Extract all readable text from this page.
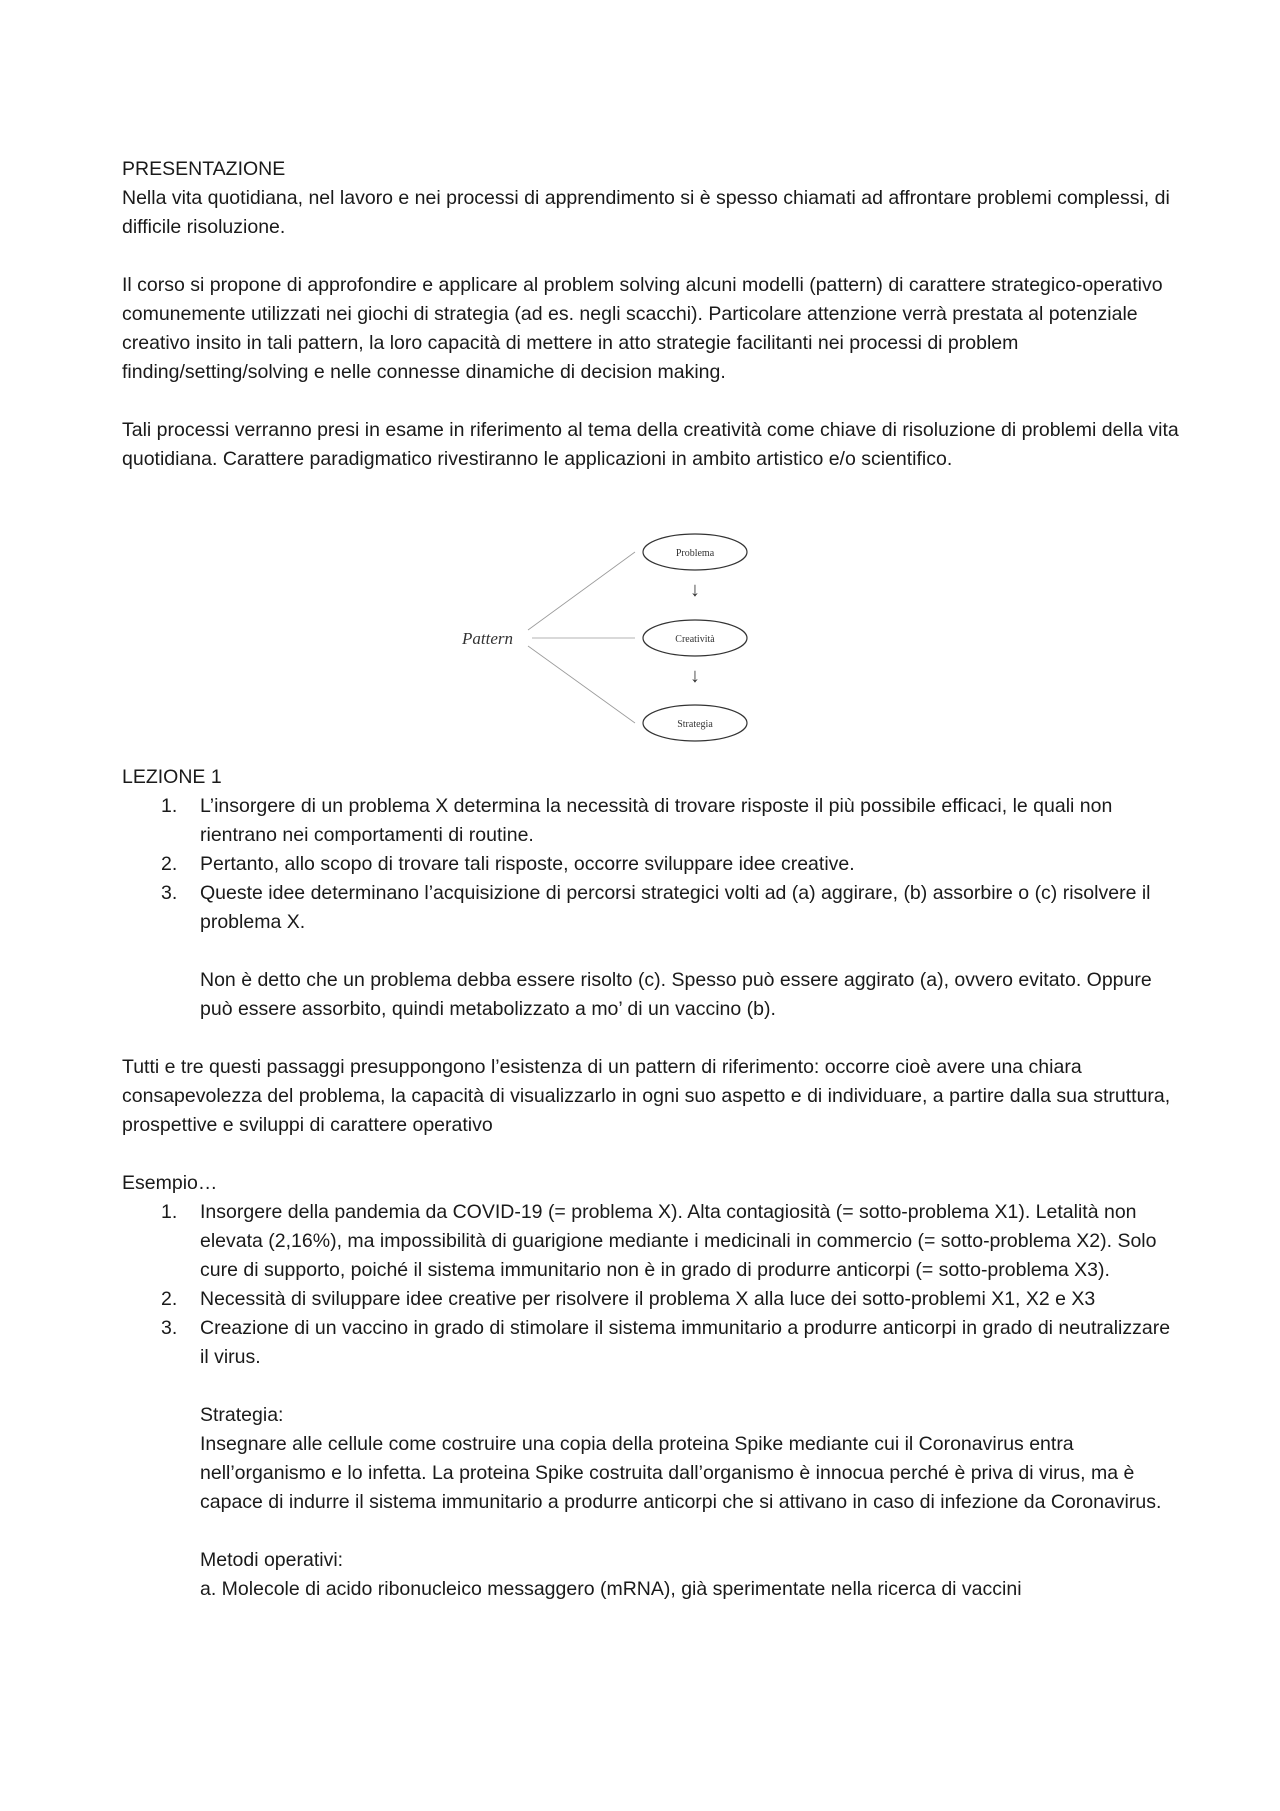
PRESENTAZIONE

Nella vita quotidiana, nel lavoro e nei processi di apprendimento si è spesso chiamati ad affrontare problemi complessi, di difficile risoluzione.

Il corso si propone di approfondire e applicare al problem solving alcuni modelli (pattern) di carattere strategico-operativo comunemente utilizzati nei giochi di strategia (ad es. negli scacchi). Particolare attenzione verrà prestata al potenziale creativo insito in tali pattern, la loro capacità di mettere in atto strategie facilitanti nei processi di problem finding/setting/solving e nelle connesse dinamiche di decision making.

Tali processi verranno presi in esame in riferimento al tema della creatività come chiave di risoluzione di problemi della vita quotidiana. Carattere paradigmatico rivestiranno le applicazioni in ambito artistico e/o scientifico.

Pattern
Problema
↓
Creatività
↓
Strategia

LEZIONE 1

1.	L’insorgere di un problema X determina la necessità di trovare risposte il più possibile efficaci, le quali non rientrano nei comportamenti di routine.
2.	Pertanto, allo scopo di trovare tali risposte, occorre sviluppare idee creative.
3.	Queste idee determinano l’acquisizione di percorsi strategici volti ad (a) aggirare, (b) assorbire o (c) risolvere il problema X.

Non è detto che un problema debba essere risolto (c). Spesso può essere aggirato (a), ovvero evitato. Oppure può essere assorbito, quindi metabolizzato a mo’ di un vaccino (b).

Tutti e tre questi passaggi presuppongono l’esistenza di un pattern di riferimento: occorre cioè avere una chiara consapevolezza del problema, la capacità di visualizzarlo in ogni suo aspetto e di individuare, a partire dalla sua struttura, prospettive e sviluppi di carattere operativo

Esempio…

1.	Insorgere della pandemia da COVID-19 (= problema X). Alta contagiosità (= sotto-problema X1). Letalità non elevata (2,16%), ma impossibilità di guarigione mediante i medicinali in commercio (= sotto-problema X2). Solo cure di supporto, poiché il sistema immunitario non è in grado di produrre anticorpi (= sotto-problema X3).
2.	Necessità di sviluppare idee creative per risolvere il problema X alla luce dei sotto-problemi X1, X2 e X3
3.	Creazione di un vaccino in grado di stimolare il sistema immunitario a produrre anticorpi in grado di neutralizzare il virus.

Strategia:

Insegnare alle cellule come costruire una copia della proteina Spike mediante cui il Coronavirus entra nell’organismo e lo infetta. La proteina Spike costruita dall’organismo è innocua perché è priva di virus, ma è capace di indurre il sistema immunitario a produrre anticorpi che si attivano in caso di infezione da Coronavirus.

Metodi operativi:

a. Molecole di acido ribonucleico messaggero (mRNA), già sperimentate nella ricerca di vaccini
